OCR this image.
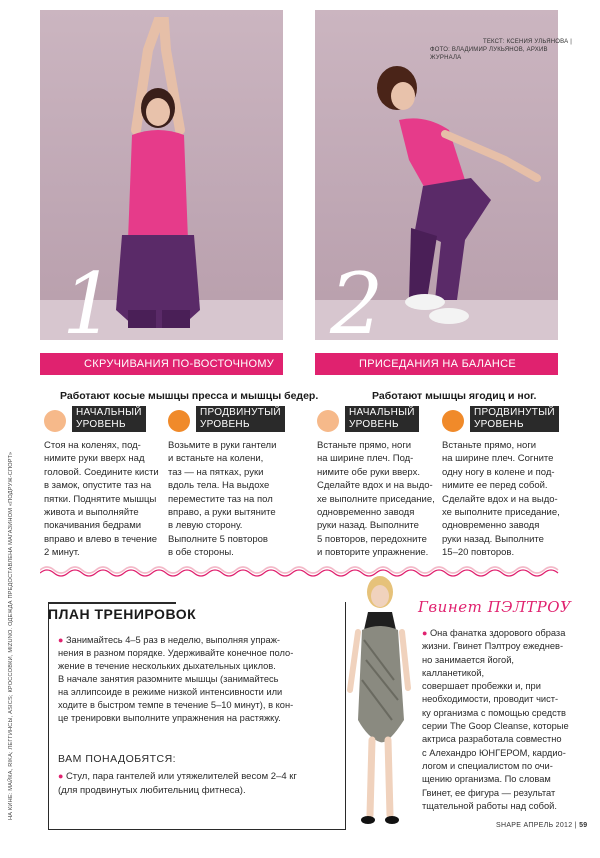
1	2
ТЕКСТ: КСЕНИЯ УЛЬЯНОВА |
ФОТО: ВЛАДИМИР ЛУКЬЯНОВ, АРХИВ ЖУРНАЛА
НА КИНЕ: МАЙКА, RIKA; ЛЕГГИНСЫ, ASICS; КРОССОВКИ, MIZUNO. ОДЕЖДА ПРЕДОСТАВЛЕНА МАГАЗИНОМ «ПОДРУЖ-СПОРТ»
СКРУЧИВАНИЯ ПО-ВОСТОЧНОМУ
Работают косые мышцы пресса и мышцы бедер.
НАЧАЛЬНЫЙ
УРОВЕНЬ
Стоя на коленях, под-
нимите руки вверх над
головой. Соедините кисти
в замок, опустите таз на
пятки. Поднятите мышцы
живота и выполняйте
покачивания бедрами
вправо и влево в течение
2 минут.
ПРОДВИНУТЫЙ
УРОВЕНЬ
Возьмите в руки гантели
и встаньте на колени,
таз — на пятках, руки
вдоль тела. На выдохе
переместите таз на пол
вправо, а руки вытяните
в левую сторону.
Выполните 5 повторов
в обе стороны.
ПРИСЕДАНИЯ НА БАЛАНСЕ
Работают мышцы ягодиц и ног.
НАЧАЛЬНЫЙ
УРОВЕНЬ
Встаньте прямо, ноги
на ширине плеч. Под-
нимите обе руки вверх.
Сделайте вдох и на выдо-
хе выполните приседание,
одновременно заводя
руки назад. Выполните
5 повторов, передохните
и повторите упражнение.
ПРОДВИНУТЫЙ
УРОВЕНЬ
Встаньте прямо, ноги
на ширине плеч. Согните
одну ногу в колене и под-
нимите ее перед собой.
Сделайте вдох и на выдо-
хе выполните приседание,
одновременно заводя
руки назад. Выполните
15–20 повторов.
ПЛАН ТРЕНИРОВОК
● Занимайтесь 4–5 раз в неделю, выполняя упраж-
нения в разном порядке. Удерживайте конечное поло-
жение в течение нескольких дыхательных циклов.
В начале занятия разомните мышцы (занимайтесь
на эллипсоиде в режиме низкой интенсивности или
ходите в быстром темпе в течение 5–10 минут), в кон-
це тренировки выполните упражнения на растяжку.
ВАМ ПОНАДОБЯТСЯ:
● Стул, пара гантелей или утяжелителей весом 2–4 кг
(для продвинутых любительниц фитнеса).
Гвинет ПЭЛТРОУ
● Она фанатка здорового образа
жизни. Гвинет Пэлтроу ежеднев-
но занимается йогой, калланетикой,
совершает пробежки и, при
необходимости, проводит чист-
ку организма с помощью средств
серии The Goop Cleanse, которые
актриса разработала совместно
с Алехандро ЮНГЕРОМ, кардио-
логом и специалистом по очи-
щению организма. По словам
Гвинет, ее фигура — результат
тщательной работы над собой.
SHAPE АПРЕЛЬ 2012 | 59
